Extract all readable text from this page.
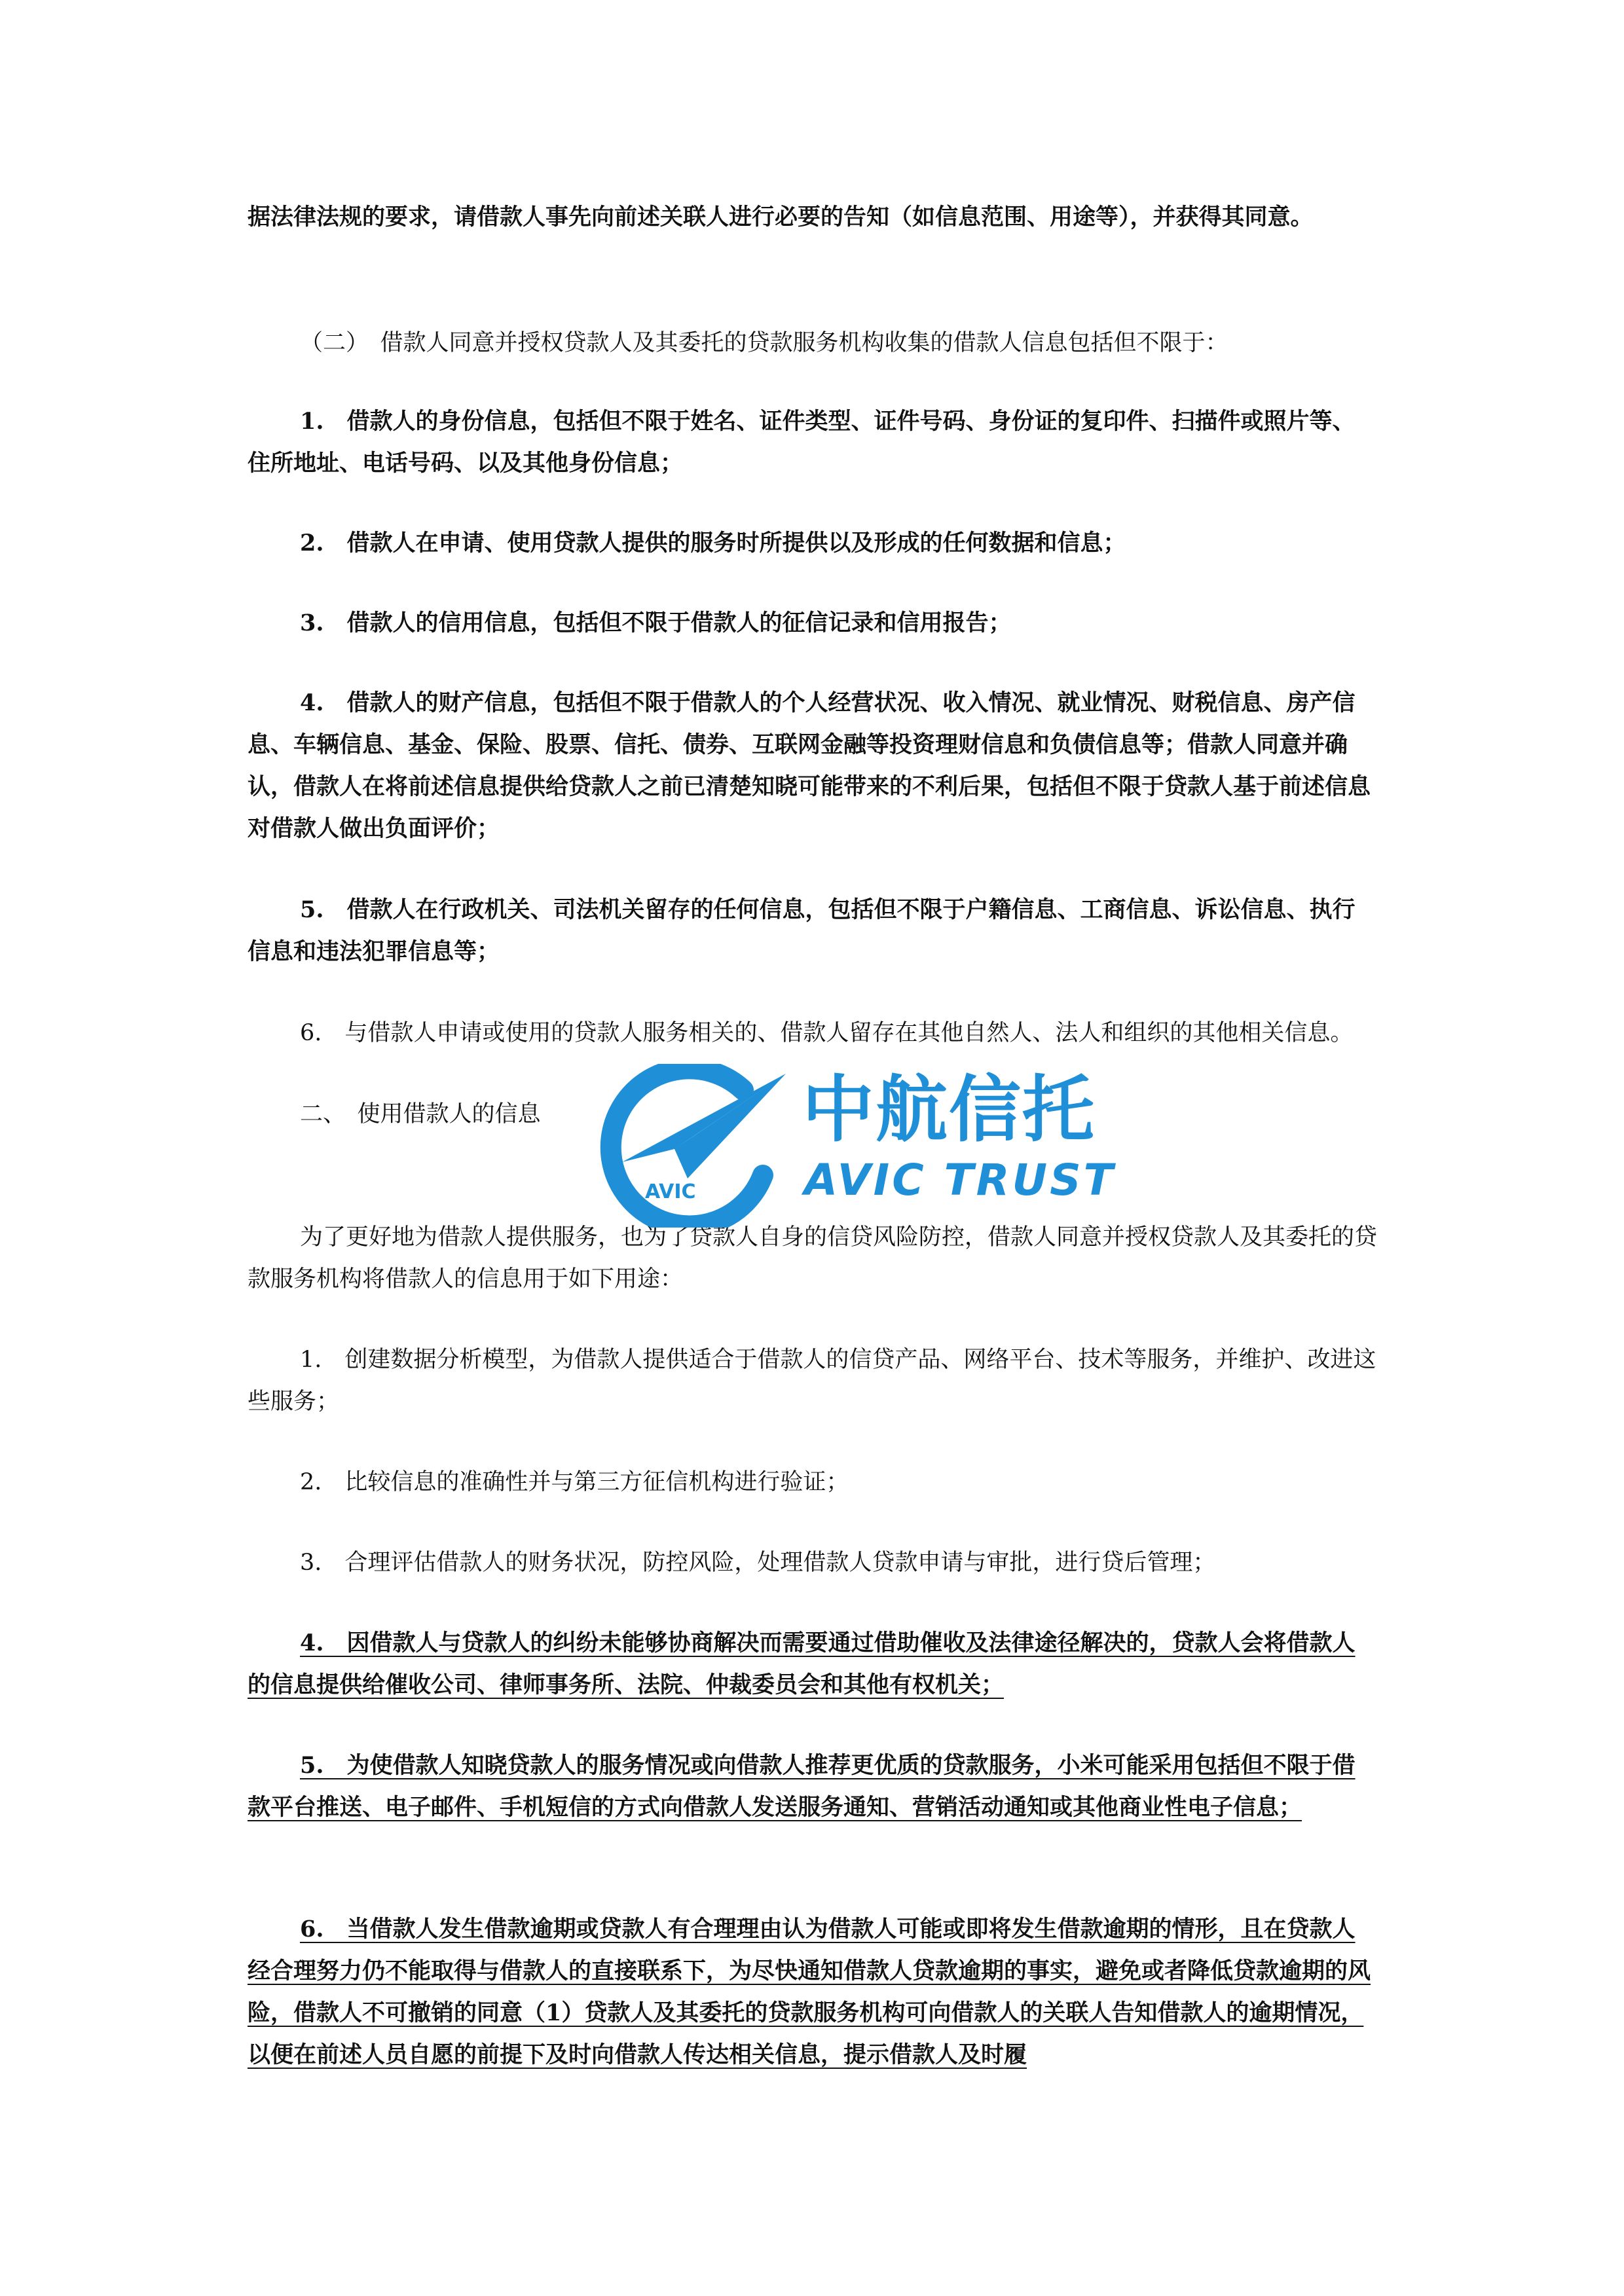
据法律法规的要求，请借款人事先向前述关联人进行必要的告知（如信息范围、用途等），并获得其同意。

（二）　借款人同意并授权贷款人及其委托的贷款服务机构收集的借款人信息包括但不限于：

1.　借款人的身份信息，包括但不限于姓名、证件类型、证件号码、身份证的复印件、扫描件或照片等、住所地址、电话号码、以及其他身份信息；

2.　借款人在申请、使用贷款人提供的服务时所提供以及形成的任何数据和信息；

3.　借款人的信用信息，包括但不限于借款人的征信记录和信用报告；

4.　借款人的财产信息，包括但不限于借款人的个人经营状况、收入情况、就业情况、财税信息、房产信息、车辆信息、基金、保险、股票、信托、债券、互联网金融等投资理财信息和负债信息等；借款人同意并确认，借款人在将前述信息提供给贷款人之前已清楚知晓可能带来的不利后果，包括但不限于贷款人基于前述信息对借款人做出负面评价；

5.　借款人在行政机关、司法机关留存的任何信息，包括但不限于户籍信息、工商信息、诉讼信息、执行信息和违法犯罪信息等；

6.　与借款人申请或使用的贷款人服务相关的、借款人留存在其他自然人、法人和组织的其他相关信息。

二、　使用借款人的信息

为了更好地为借款人提供服务，也为了贷款人自身的信贷风险防控，借款人同意并授权贷款人及其委托的贷款服务机构将借款人的信息用于如下用途：

1.　创建数据分析模型，为借款人提供适合于借款人的信贷产品、网络平台、技术等服务，并维护、改进这些服务；

2.　比较信息的准确性并与第三方征信机构进行验证；

3.　合理评估借款人的财务状况，防控风险，处理借款人贷款申请与审批，进行贷后管理；

4.　因借款人与贷款人的纠纷未能够协商解决而需要通过借助催收及法律途径解决的，贷款人会将借款人的信息提供给催收公司、律师事务所、法院、仲裁委员会和其他有权机关；

5.　为使借款人知晓贷款人的服务情况或向借款人推荐更优质的贷款服务，小米可能采用包括但不限于借款平台推送、电子邮件、手机短信的方式向借款人发送服务通知、营销活动通知或其他商业性电子信息；

6.　当借款人发生借款逾期或贷款人有合理理由认为借款人可能或即将发生借款逾期的情形，且在贷款人经合理努力仍不能取得与借款人的直接联系下，为尽快通知借款人贷款逾期的事实，避免或者降低贷款逾期的风险，借款人不可撤销的同意（1）贷款人及其委托的贷款服务机构可向借款人的关联人告知借款人的逾期情况，以便在前述人员自愿的前提下及时向借款人传达相关信息，提示借款人及时履

AVIC
中航信托
AVIC TRUST
